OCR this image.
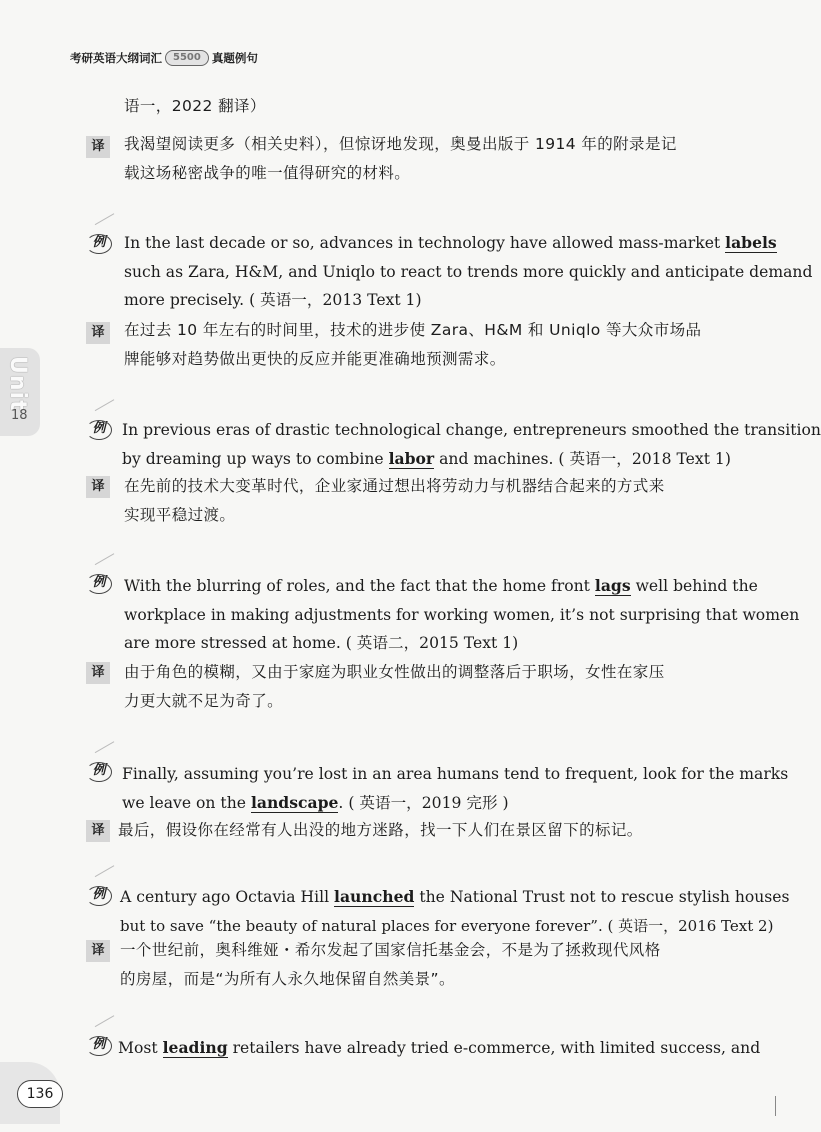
考研英语大纲词汇	5500 真题例句
Unit
18
语一，2022 翻译）
译	我渴望阅读更多（相关史料），但惊讶地发现，奥曼出版于 1914 年的附录是记
载这场秘密战争的唯一值得研究的材料。
例	In the last decade or so, advances in technology have allowed mass-market labels
such as Zara, H&M, and Uniqlo to react to trends more quickly and anticipate demand
more precisely. ( 英语一，2013 Text 1)
译	在过去 10 年左右的时间里，技术的进步使 Zara、H&M 和 Uniqlo 等大众市场品
牌能够对趋势做出更快的反应并能更准确地预测需求。
例	In previous eras of drastic technological change, entrepreneurs smoothed the transition
by dreaming up ways to combine labor and machines. ( 英语一，2018 Text 1)
译	在先前的技术大变革时代，企业家通过想出将劳动力与机器结合起来的方式来
实现平稳过渡。
例	With the blurring of roles, and the fact that the home front lags well behind the
workplace in making adjustments for working women, it’s not surprising that women
are more stressed at home. ( 英语二，2015 Text 1)
译	由于角色的模糊，又由于家庭为职业女性做出的调整落后于职场，女性在家压
力更大就不足为奇了。
例	Finally, assuming you’re lost in an area humans tend to frequent, look for the marks
we leave on the landscape. ( 英语一，2019 完形 )
译 最后，假设你在经常有人出没的地方迷路，找一下人们在景区留下的标记。
例 A century ago Octavia Hill launched the National Trust not to rescue stylish houses
but to save “the beauty of natural places for everyone forever”. ( 英语一，2016 Text 2)
译	一个世纪前，奥科维娅・希尔发起了国家信托基金会，不是为了拯救现代风格
的房屋，而是“为所有人永久地保留自然美景”。
例 Most leading retailers have already tried e-commerce, with limited success, and
136
